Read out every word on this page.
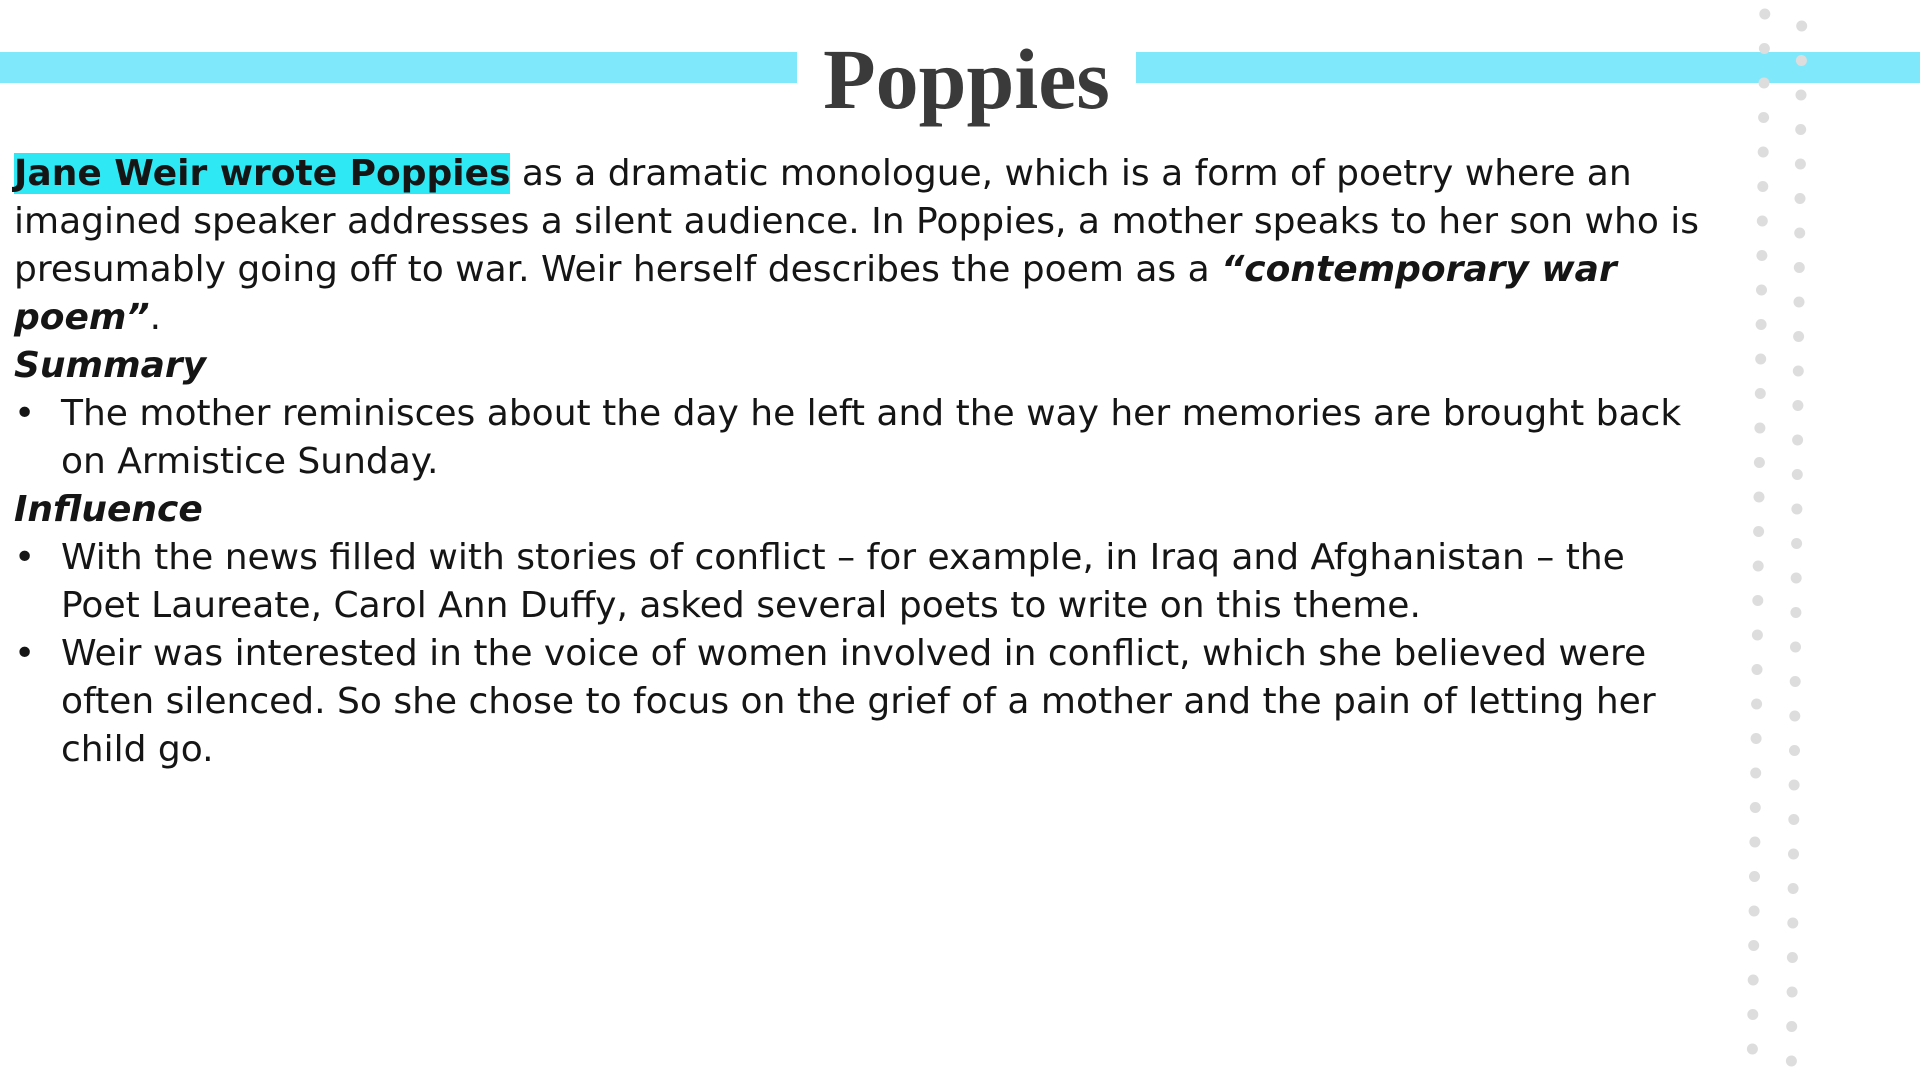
Poppies

Jane Weir wrote Poppies as a dramatic monologue, which is a form of poetry where an imagined speaker addresses a silent audience. In Poppies, a mother speaks to her son who is presumably going off to war. Weir herself describes the poem as a “contemporary war poem”.

Summary

• The mother reminisces about the day he left and the way her memories are brought back on Armistice Sunday.

Influence

• With the news filled with stories of conflict – for example, in Iraq and Afghanistan – the Poet Laureate, Carol Ann Duffy, asked several poets to write on this theme.
• Weir was interested in the voice of women involved in conflict, which she believed were often silenced. So she chose to focus on the grief of a mother and the pain of letting her child go.
